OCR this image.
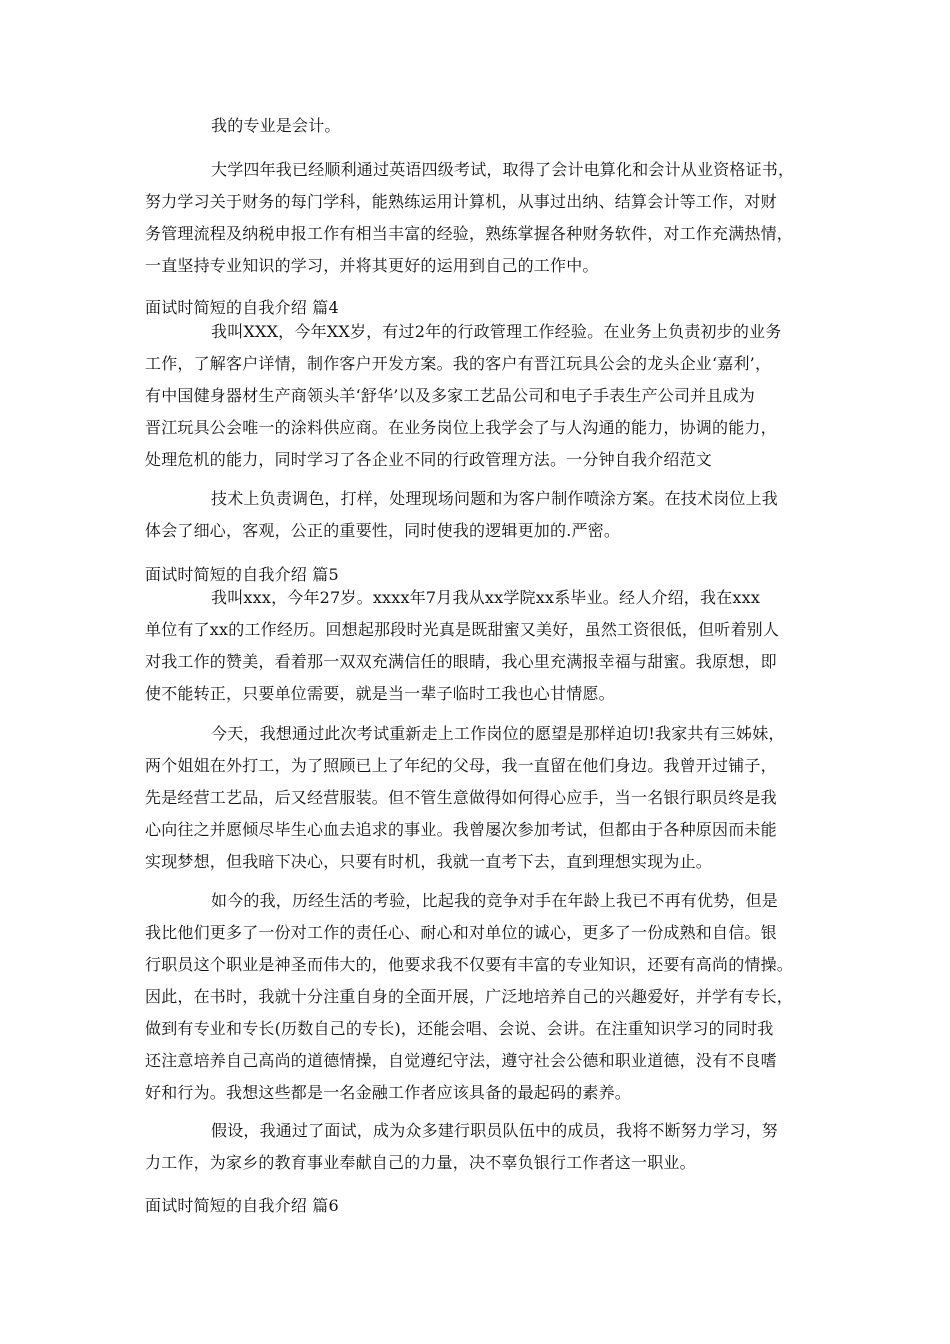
我的专业是会计。
大学四年我已经顺利通过英语四级考试，取得了会计电算化和会计从业资格证书，
努力学习关于财务的每门学科，能熟练运用计算机，从事过出纳、结算会计等工作，对财
务管理流程及纳税申报工作有相当丰富的经验，熟练掌握各种财务软件，对工作充满热情，
一直坚持专业知识的学习，并将其更好的运用到自己的工作中。
面试时简短的自我介绍 篇4
我叫XXX，今年XX岁，有过2年的行政管理工作经验。在业务上负责初步的业务
工作，了解客户详情，制作客户开发方案。我的客户有晋江玩具公会的龙头企业‘嘉利’，
有中国健身器材生产商领头羊‘舒华’以及多家工艺品公司和电子手表生产公司并且成为
晋江玩具公会唯一的涂料供应商。在业务岗位上我学会了与人沟通的能力，协调的能力，
处理危机的能力，同时学习了各企业不同的行政管理方法。一分钟自我介绍范文
技术上负责调色，打样，处理现场问题和为客户制作喷涂方案。在技术岗位上我
体会了细心，客观，公正的重要性，同时使我的逻辑更加的.严密。
面试时简短的自我介绍 篇5
我叫xxx，今年27岁。xxxx年7月我从xx学院xx系毕业。经人介绍，我在xxx
单位有了xx的工作经历。回想起那段时光真是既甜蜜又美好，虽然工资很低，但听着别人
对我工作的赞美，看着那一双双充满信任的眼睛，我心里充满报幸福与甜蜜。我原想，即
使不能转正，只要单位需要，就是当一辈子临时工我也心甘情愿。
今天，我想通过此次考试重新走上工作岗位的愿望是那样迫切!我家共有三姊妹，
两个姐姐在外打工，为了照顾已上了年纪的父母，我一直留在他们身边。我曾开过铺子，
先是经营工艺品，后又经营服装。但不管生意做得如何得心应手，当一名银行职员终是我
心向往之并愿倾尽毕生心血去追求的事业。我曾屡次参加考试，但都由于各种原因而未能
实现梦想，但我暗下决心，只要有时机，我就一直考下去，直到理想实现为止。
如今的我，历经生活的考验，比起我的竞争对手在年龄上我已不再有优势，但是
我比他们更多了一份对工作的责任心、耐心和对单位的诚心，更多了一份成熟和自信。银
行职员这个职业是神圣而伟大的，他要求我不仅要有丰富的专业知识，还要有高尚的情操。
因此，在书时，我就十分注重自身的全面开展，广泛地培养自己的兴趣爱好，并学有专长，
做到有专业和专长(历数自己的专长)，还能会唱、会说、会讲。在注重知识学习的同时我
还注意培养自己高尚的道德情操，自觉遵纪守法，遵守社会公德和职业道德，没有不良嗜
好和行为。我想这些都是一名金融工作者应该具备的最起码的素养。
假设，我通过了面试，成为众多建行职员队伍中的成员，我将不断努力学习，努
力工作，为家乡的教育事业奉献自己的力量，决不辜负银行工作者这一职业。
面试时简短的自我介绍 篇6
